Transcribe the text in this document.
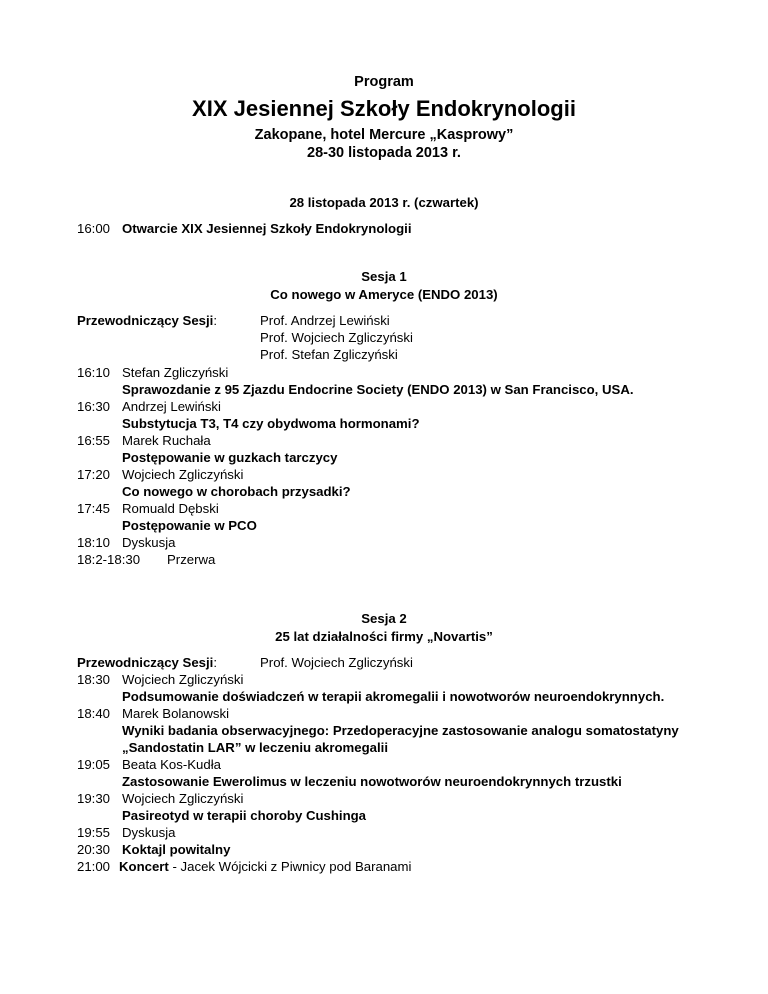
Program
XIX Jesiennej Szkoły Endokrynologii
Zakopane, hotel Mercure „Kasprowy”
28-30 listopada 2013 r.
28 listopada 2013 r. (czwartek)
16:00 Otwarcie XIX Jesiennej Szkoły Endokrynologii
Sesja 1
Co nowego w Ameryce (ENDO 2013)
Przewodniczący Sesji:	Prof. Andrzej Lewiński
Prof. Wojciech Zgliczyński
Prof. Stefan Zgliczyński
16:10 Stefan Zgliczyński
Sprawozdanie z 95 Zjazdu Endocrine Society (ENDO 2013) w San Francisco, USA.
16:30 Andrzej Lewiński
Substytucja T3, T4 czy obydwoma hormonami?
16:55 Marek Ruchała
Postępowanie w guzkach tarczycy
17:20 Wojciech Zgliczyński
Co nowego w chorobach przysadki?
17:45 Romuald Dębski
Postępowanie w PCO
18:10 Dyskusja
18:2-18:30 Przerwa
Sesja 2
25 lat działalności firmy „Novartis”
Przewodniczący Sesji:	Prof. Wojciech Zgliczyński
18:30 Wojciech Zgliczyński
Podsumowanie doświadczeń w terapii akromegalii i nowotworów neuroendokrynnych.
18:40 Marek Bolanowski
Wyniki badania obserwacyjnego: Przedoperacyjne zastosowanie analogu somatostatyny
„Sandostatin LAR” w leczeniu akromegalii
19:05 Beata Kos-Kudła
Zastosowanie Ewerolimus w leczeniu nowotworów neuroendokrynnych trzustki
19:30 Wojciech Zgliczyński
Pasireotyd w terapii choroby Cushinga
19:55 Dyskusja
20:30 Koktajl powitalny
21:00 Koncert - Jacek Wójcicki z Piwnicy pod Baranami
